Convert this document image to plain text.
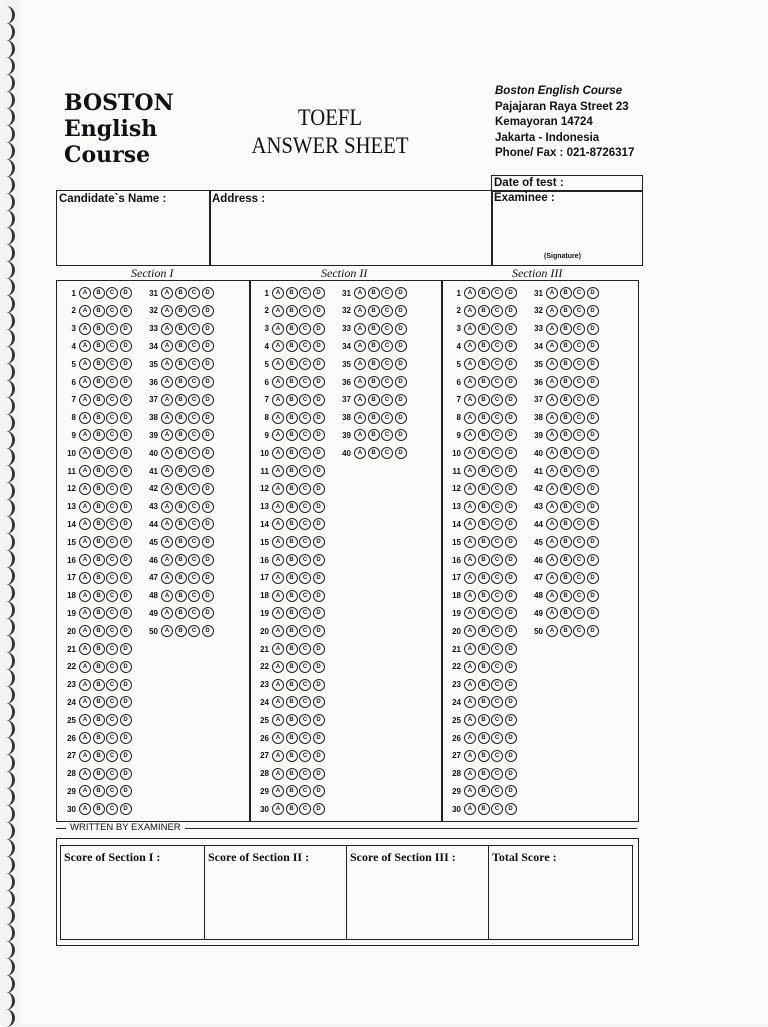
BOSTON
English
Course
TOEFL
ANSWER SHEET
Boston English Course
Pajajaran Raya Street 23
Kemayoran 14724
Jakarta - Indonesia
Phone/ Fax : 021-8726317
Date of test :
Candidate`s Name :	Address :	Examinee :
(Signature)
Section I	Section II	Section III
1	A	B	C	D
2	A	B	C	D
3	A	B	C	D
4	A	B	C	D
5	A	B	C	D
6	A	B	C	D
7	A	B	C	D
8	A	B	C	D
9	A	B	C	D
10	A	B	C	D
11	A	B	C	D
12	A	B	C	D
13	A	B	C	D
14	A	B	C	D
15	A	B	C	D
16	A	B	C	D
17	A	B	C	D
18	A	B	C	D
19	A	B	C	D
20	A	B	C	D
21	A	B	C	D
22	A	B	C	D
23	A	B	C	D
24	A	B	C	D
25	A	B	C	D
26	A	B	C	D
27	A	B	C	D
28	A	B	C	D
29	A	B	C	D
30	A	B	C	D
31	A	B	C	D
32	A	B	C	D
33	A	B	C	D
34	A	B	C	D
35	A	B	C	D
36	A	B	C	D
37	A	B	C	D
38	A	B	C	D
39	A	B	C	D
40	A	B	C	D
41	A	B	C	D
42	A	B	C	D
43	A	B	C	D
44	A	B	C	D
45	A	B	C	D
46	A	B	C	D
47	A	B	C	D
48	A	B	C	D
49	A	B	C	D
50	A	B	C	D
1	A	B	C	D
2	A	B	C	D
3	A	B	C	D
4	A	B	C	D
5	A	B	C	D
6	A	B	C	D
7	A	B	C	D
8	A	B	C	D
9	A	B	C	D
10	A	B	C	D
11	A	B	C	D
12	A	B	C	D
13	A	B	C	D
14	A	B	C	D
15	A	B	C	D
16	A	B	C	D
17	A	B	C	D
18	A	B	C	D
19	A	B	C	D
20	A	B	C	D
21	A	B	C	D
22	A	B	C	D
23	A	B	C	D
24	A	B	C	D
25	A	B	C	D
26	A	B	C	D
27	A	B	C	D
28	A	B	C	D
29	A	B	C	D
30	A	B	C	D
31	A	B	C	D
32	A	B	C	D
33	A	B	C	D
34	A	B	C	D
35	A	B	C	D
36	A	B	C	D
37	A	B	C	D
38	A	B	C	D
39	A	B	C	D
40	A	B	C	D
1	A	B	C	D
2	A	B	C	D
3	A	B	C	D
4	A	B	C	D
5	A	B	C	D
6	A	B	C	D
7	A	B	C	D
8	A	B	C	D
9	A	B	C	D
10	A	B	C	D
11	A	B	C	D
12	A	B	C	D
13	A	B	C	D
14	A	B	C	D
15	A	B	C	D
16	A	B	C	D
17	A	B	C	D
18	A	B	C	D
19	A	B	C	D
20	A	B	C	D
21	A	B	C	D
22	A	B	C	D
23	A	B	C	D
24	A	B	C	D
25	A	B	C	D
26	A	B	C	D
27	A	B	C	D
28	A	B	C	D
29	A	B	C	D
30	A	B	C	D
31	A	B	C	D
32	A	B	C	D
33	A	B	C	D
34	A	B	C	D
35	A	B	C	D
36	A	B	C	D
37	A	B	C	D
38	A	B	C	D
39	A	B	C	D
40	A	B	C	D
41	A	B	C	D
42	A	B	C	D
43	A	B	C	D
44	A	B	C	D
45	A	B	C	D
46	A	B	C	D
47	A	B	C	D
48	A	B	C	D
49	A	B	C	D
50	A	B	C	D
WRITTEN BY EXAMINER
Score of Section I :	Score of Section II :	Score of Section III :	Total Score :
